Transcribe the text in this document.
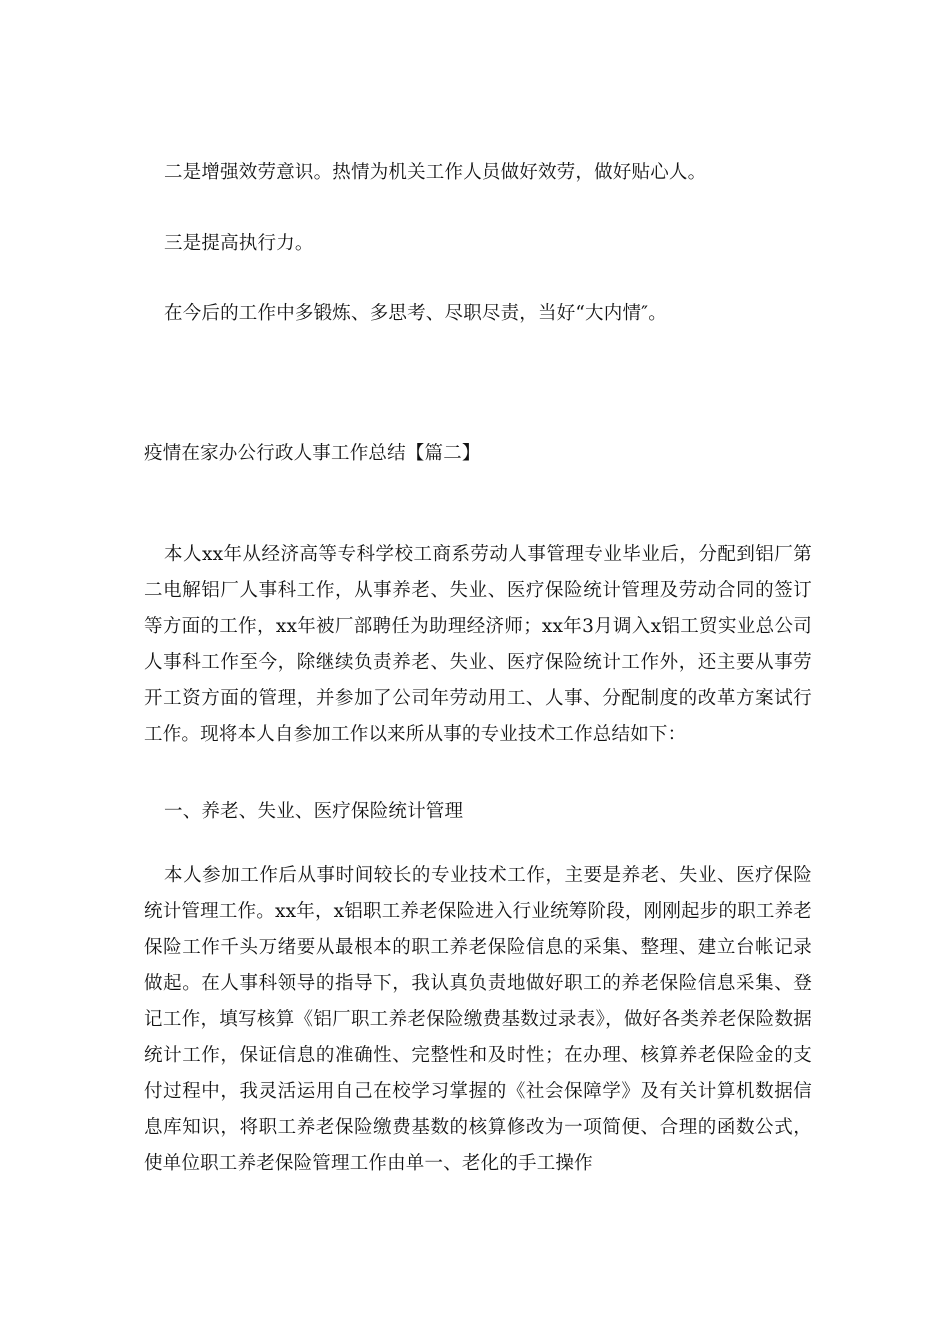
二是增强效劳意识。热情为机关工作人员做好效劳，做好贴心人。

三是提高执行力。

在今后的工作中多锻炼、多思考、尽职尽责，当好“大内情″。

疫情在家办公行政人事工作总结【篇二】

本人xx年从经济高等专科学校工商系劳动人事管理专业毕业后，分配到铝厂第二电解铝厂人事科工作，从事养老、失业、医疗保险统计管理及劳动合同的签订等方面的工作，xx年被厂部聘任为助理经济师；xx年3月调入x铝工贸实业总公司人事科工作至今，除继续负责养老、失业、医疗保险统计工作外，还主要从事劳开工资方面的管理，并参加了公司年劳动用工、人事、分配制度的改革方案试行工作。现将本人自参加工作以来所从事的专业技术工作总结如下：

一、养老、失业、医疗保险统计管理

本人参加工作后从事时间较长的专业技术工作，主要是养老、失业、医疗保险统计管理工作。xx年，x铝职工养老保险进入行业统筹阶段，刚刚起步的职工养老保险工作千头万绪要从最根本的职工养老保险信息的采集、整理、建立台帐记录做起。在人事科领导的指导下，我认真负责地做好职工的养老保险信息采集、登记工作，填写核算《铝厂职工养老保险缴费基数过录表》，做好各类养老保险数据统计工作，保证信息的准确性、完整性和及时性；在办理、核算养老保险金的支付过程中，我灵活运用自己在校学习掌握的《社会保障学》及有关计算机数据信息库知识，将职工养老保险缴费基数的核算修改为一项简便、合理的函数公式，使单位职工养老保险管理工作由单一、老化的手工操作
